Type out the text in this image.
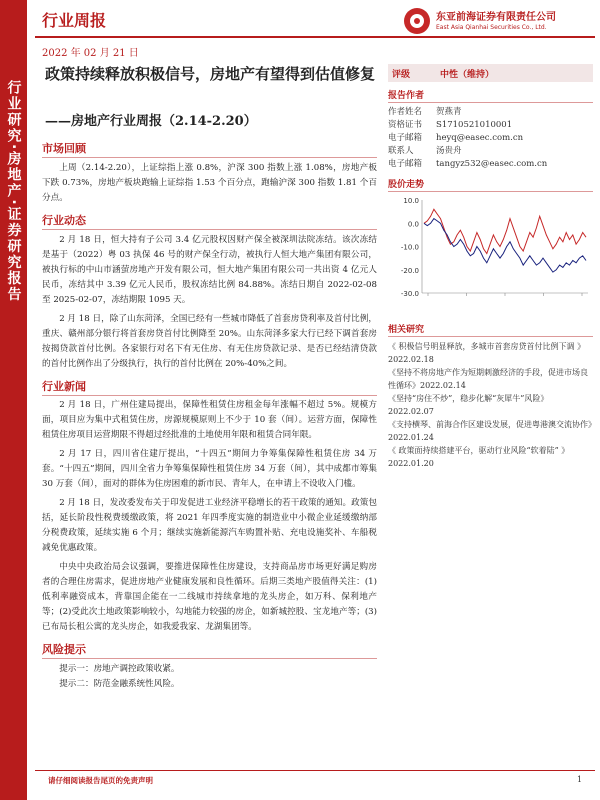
行业研究·房地产·证券研究报告
行业周报	东亚前海证券有限责任公司
East Asia Qianhai Securities Co., Ltd.
2022 年 02 月 21 日
政策持续释放积极信号，房地产有望得到估值修复
——房地产行业周报（2.14-2.20）
市场回顾
上周（2.14-2.20），上证综指上涨 0.8%，沪深 300 指数上涨 1.08%，房地产板下跌 0.73%，房地产板块跑输上证综指 1.53 个百分点，跑输沪深 300 指数 1.81 个百分点。
行业动态
2 月 18 日，恒大持有子公司 3.4 亿元股权因财产保全被深圳法院冻结。该次冻结是基于（2022）粤 03 执保 46 号的财产保全行动，被执行人恒大地产集团有限公司，被执行标的中山市涵萤房地产开发有限公司，恒大地产集团有限公司一共出资 4 亿元人民币，冻结其中 3.39 亿元人民币，股权冻结比例 84.88%。冻结日期自 2022-02-08 至 2025-02-07，冻结期限 1095 天。
2 月 18 日，除了山东菏泽，全国已经有一些城市降低了首套房贷利率及首付比例，重庆、赣州部分银行将首套房贷首付比例降至 20%。山东菏泽多家大行已经下调首套房按揭贷款首付比例。各家银行对名下有无住房、有无住房贷款记录、是否已经结清贷款的首付比例作出了分级执行，执行的首付比例在 20%-40%之间。
行业新闻
2 月 18 日，广州住建局提出，保障性租赁住房租金每年涨幅不超过 5%。规模方面，项目应为集中式租赁住房，房源规模原则上不少于 10 套（间）。运营方面，保障性租赁住房项目运营期限不得超过经批准的土地使用年限和租赁合同年限。
2 月 17 日，四川省住建厅提出，“十四五”期间力争筹集保障性租赁住房 34 万套。“十四五”期间，四川全省力争筹集保障性租赁住房 34 万套（间），其中成都市筹集 30 万套（间），面对的群体为住房困难的新市民、青年人，在申请上不设收入门槛。
2 月 18 日，发改委发布关于印发促进工业经济平稳增长的若干政策的通知。政策包括，延长阶段性税费缓缴政策，将 2021 年四季度实施的制造业中小微企业延缓缴纳部分税费政策，延续实施 6 个月；继续实施新能源汽车购置补贴、充电设施奖补、车船税减免优惠政策。
中央中央政治局会议强调，要推进保障性住房建设，支持商品房市场更好满足购房者的合理住房需求，促进房地产业健康发展和良性循环。后期三类地产股值得关注：(1)低利率融资成本，背靠国企能在一二线城市持续拿地的龙头房企，如万科、保利地产等；(2)受此次土地政策影响较小，勾地能力较强的房企，如新城控股、宝龙地产等；(3)已布局长租公寓的龙头房企，如我爱我家、龙湖集团等。
风险提示
提示一：房地产调控政策收紧。
提示二：防范金融系统性风险。
评级	中性（维持）
报告作者
作者姓名	贺燕青
资格证书	S1710521010001
电子邮箱	heyq@easec.com.cn
联系人	汤贵舟
电子邮箱	tangyz532@easec.com.cn
股价走势
10.0
0.0
-10.0
-20.0
-30.0
相关研究
《 积极信号明显释放，多城市首套房贷首付比例下调 》2022.02.18
《坚持不将房地产作为短期刺激经济的手段，促进市场良性循环》2022.02.14
《坚持“房住不炒”，稳步化解“灰犀牛”风险》2022.02.07
《支持横琴、前海合作区建设发展，促进粤港澳交流协作》2022.01.24
《 政策面持续搭建平台，驱动行业风险“软着陆” 》2022.01.20
请仔细阅读报告尾页的免责声明	1
